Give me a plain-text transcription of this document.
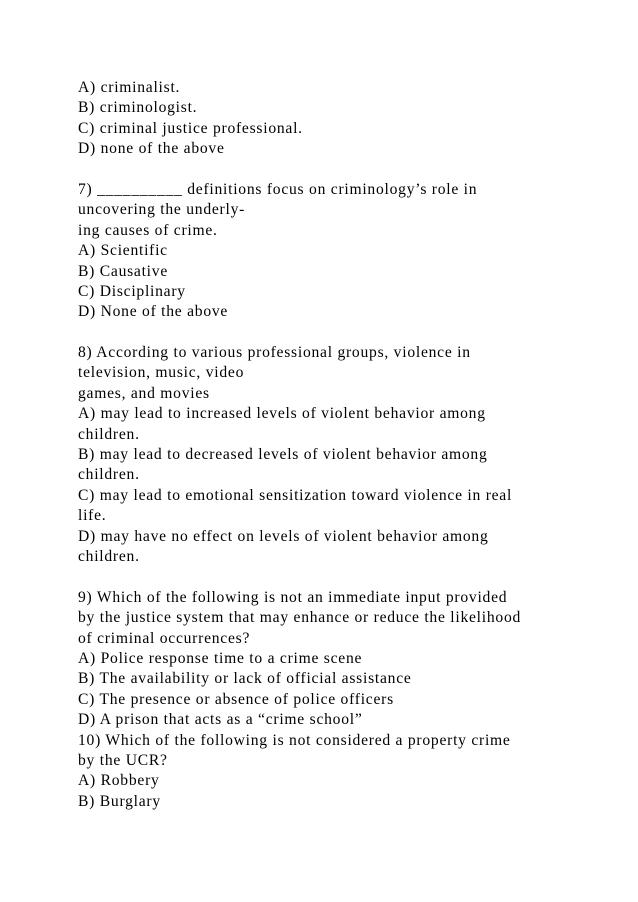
A) criminalist.
B) criminologist.
C) criminal justice professional.
D) none of the above
7) __________ definitions focus on criminology’s role in
uncovering the underly-
ing causes of crime.
A) Scientific
B) Causative
C) Disciplinary
D) None of the above
8) According to various professional groups, violence in
television, music, video
games, and movies
A) may lead to increased levels of violent behavior among
children.
B) may lead to decreased levels of violent behavior among
children.
C) may lead to emotional sensitization toward violence in real
life.
D) may have no effect on levels of violent behavior among
children.
9) Which of the following is not an immediate input provided
by the justice system that may enhance or reduce the likelihood
of criminal occurrences?
A) Police response time to a crime scene
B) The availability or lack of official assistance
C) The presence or absence of police officers
D) A prison that acts as a “crime school”
10) Which of the following is not considered a property crime
by the UCR?
A) Robbery
B) Burglary
